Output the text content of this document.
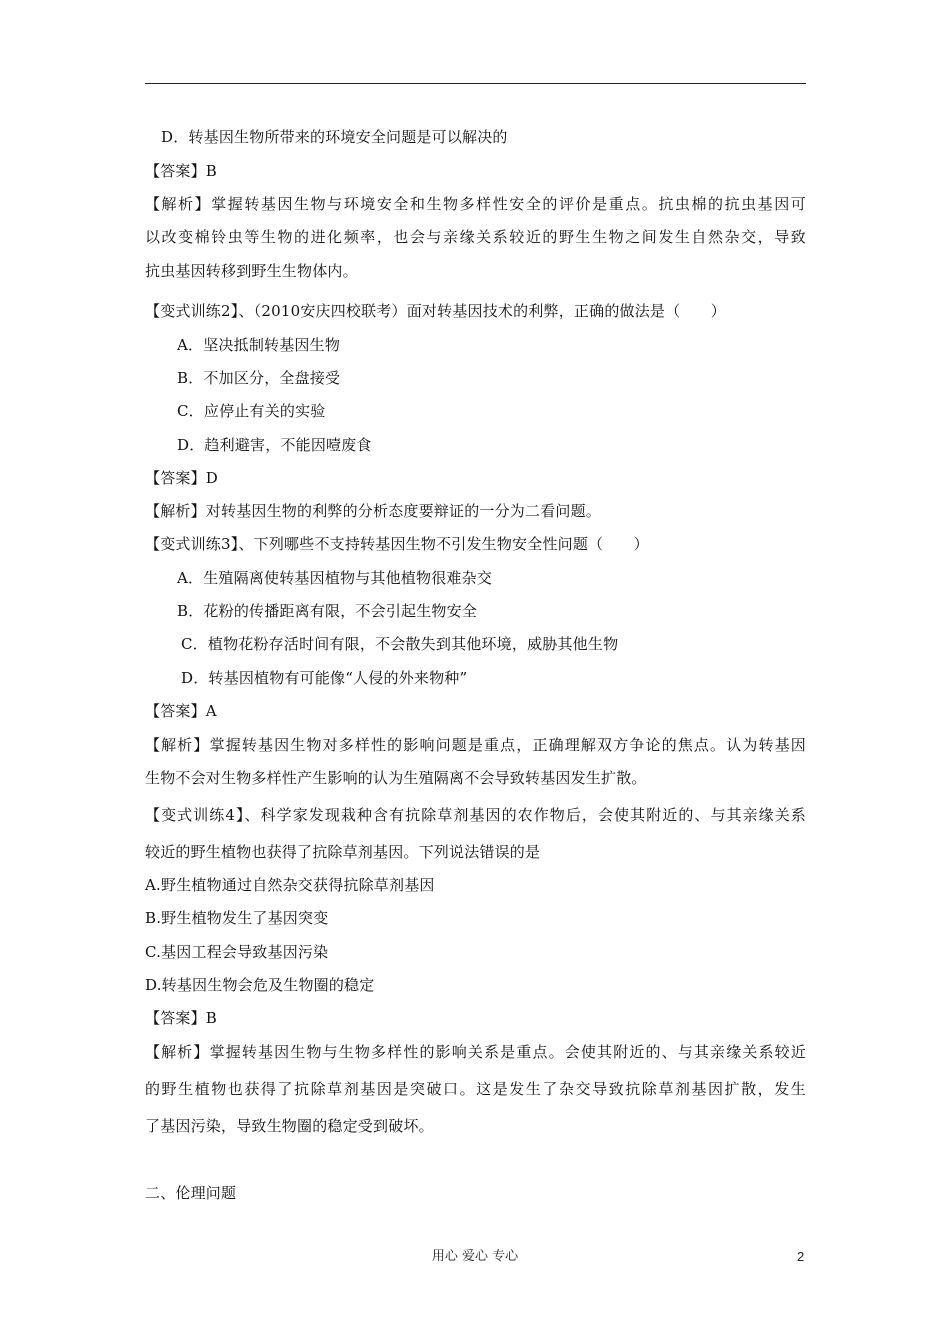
D．转基因生物所带来的环境安全问题是可以解决的
【答案】B
【解析】掌握转基因生物与环境安全和生物多样性安全的评价是重点。抗虫棉的抗虫基因可
以改变棉铃虫等生物的进化频率，也会与亲缘关系较近的野生生物之间发生自然杂交，导致
抗虫基因转移到野生生物体内。
【变式训练2】、（2010安庆四校联考）面对转基因技术的利弊，正确的做法是（　　）
A．坚决抵制转基因生物
B．不加区分，全盘接受
C．应停止有关的实验
D．趋利避害，不能因噎废食
【答案】D
【解析】对转基因生物的利弊的分析态度要辩证的一分为二看问题。
【变式训练3】、下列哪些不支持转基因生物不引发生物安全性问题（　　）
A．生殖隔离使转基因植物与其他植物很难杂交
B．花粉的传播距离有限，不会引起生物安全
C．植物花粉存活时间有限，不会散失到其他环境，威胁其他生物
D．转基因植物有可能像“人侵的外来物种”
【答案】A
【解析】掌握转基因生物对多样性的影响问题是重点，正确理解双方争论的焦点。认为转基因
生物不会对生物多样性产生影响的认为生殖隔离不会导致转基因发生扩散。
【变式训练4】、科学家发现栽种含有抗除草剂基因的农作物后，会使其附近的、与其亲缘关系
较近的野生植物也获得了抗除草剂基因。下列说法错误的是
A.野生植物通过自然杂交获得抗除草剂基因
B.野生植物发生了基因突变
C.基因工程会导致基因污染
D.转基因生物会危及生物圈的稳定
【答案】B
【解析】掌握转基因生物与生物多样性的影响关系是重点。会使其附近的、与其亲缘关系较近
的野生植物也获得了抗除草剂基因是突破口。这是发生了杂交导致抗除草剂基因扩散，发生
了基因污染，导致生物圈的稳定受到破坏。
二、伦理问题
用心 爱心 专心	2
